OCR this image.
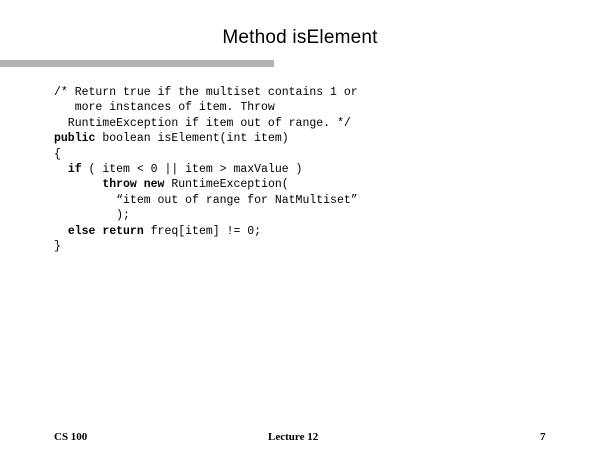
Method isElement
/* Return true if the multiset contains 1 or
more instances of item. Throw
RuntimeException if item out of range. */
public boolean isElement(int item)
{
if ( item < 0 || item > maxValue )
throw new RuntimeException(
“item out of range for NatMultiset”
);
else return freq[item] != 0;
}
CS 100	Lecture 12	7
